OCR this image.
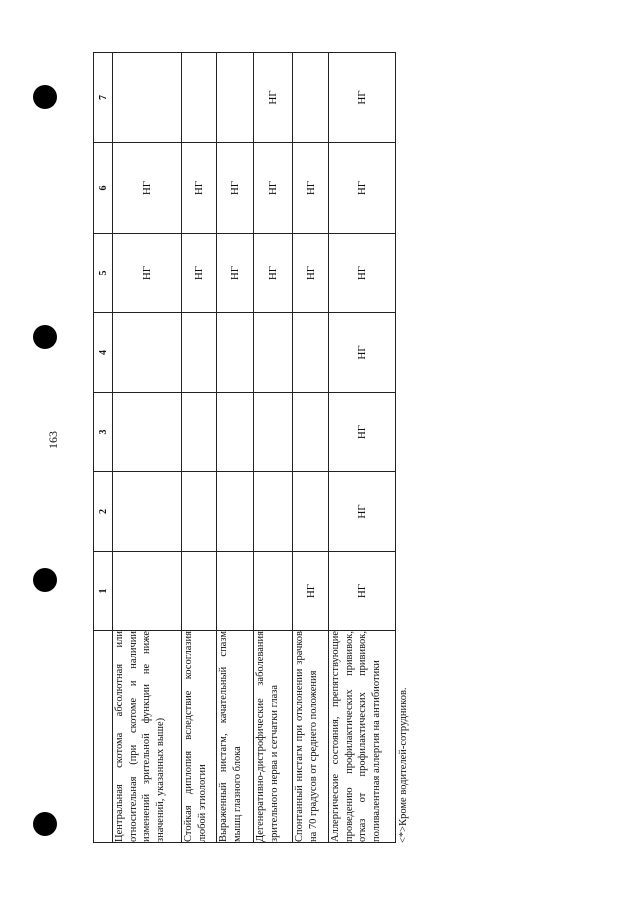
163
	1	2	3	4	5	6	7
Центральная скотома абсолютная или относительная (при скотоме и наличии изменений зрительной функции не ниже значений, указанных выше)					НГ	НГ	
Стойкая диплопия вследствие косоглазия любой этиологии					НГ	НГ	
Выраженный нистагм, качательный спазм мышц глазного блока					НГ	НГ	
Дегенеративно-дистрофические заболевания зрительного нерва и сетчатки глаза					НГ	НГ	НГ
Спонтанный нистагм при отклонении зрачков на 70 градусов от среднего положения	НГ				НГ	НГ	
Аллергические состояния, препятствующие проведению профилактических прививок, отказ от профилактических прививок, поливалентная аллергия на антибиотики	НГ	НГ	НГ	НГ	НГ	НГ	НГ
<*>Кроме водителей-сотрудников.
